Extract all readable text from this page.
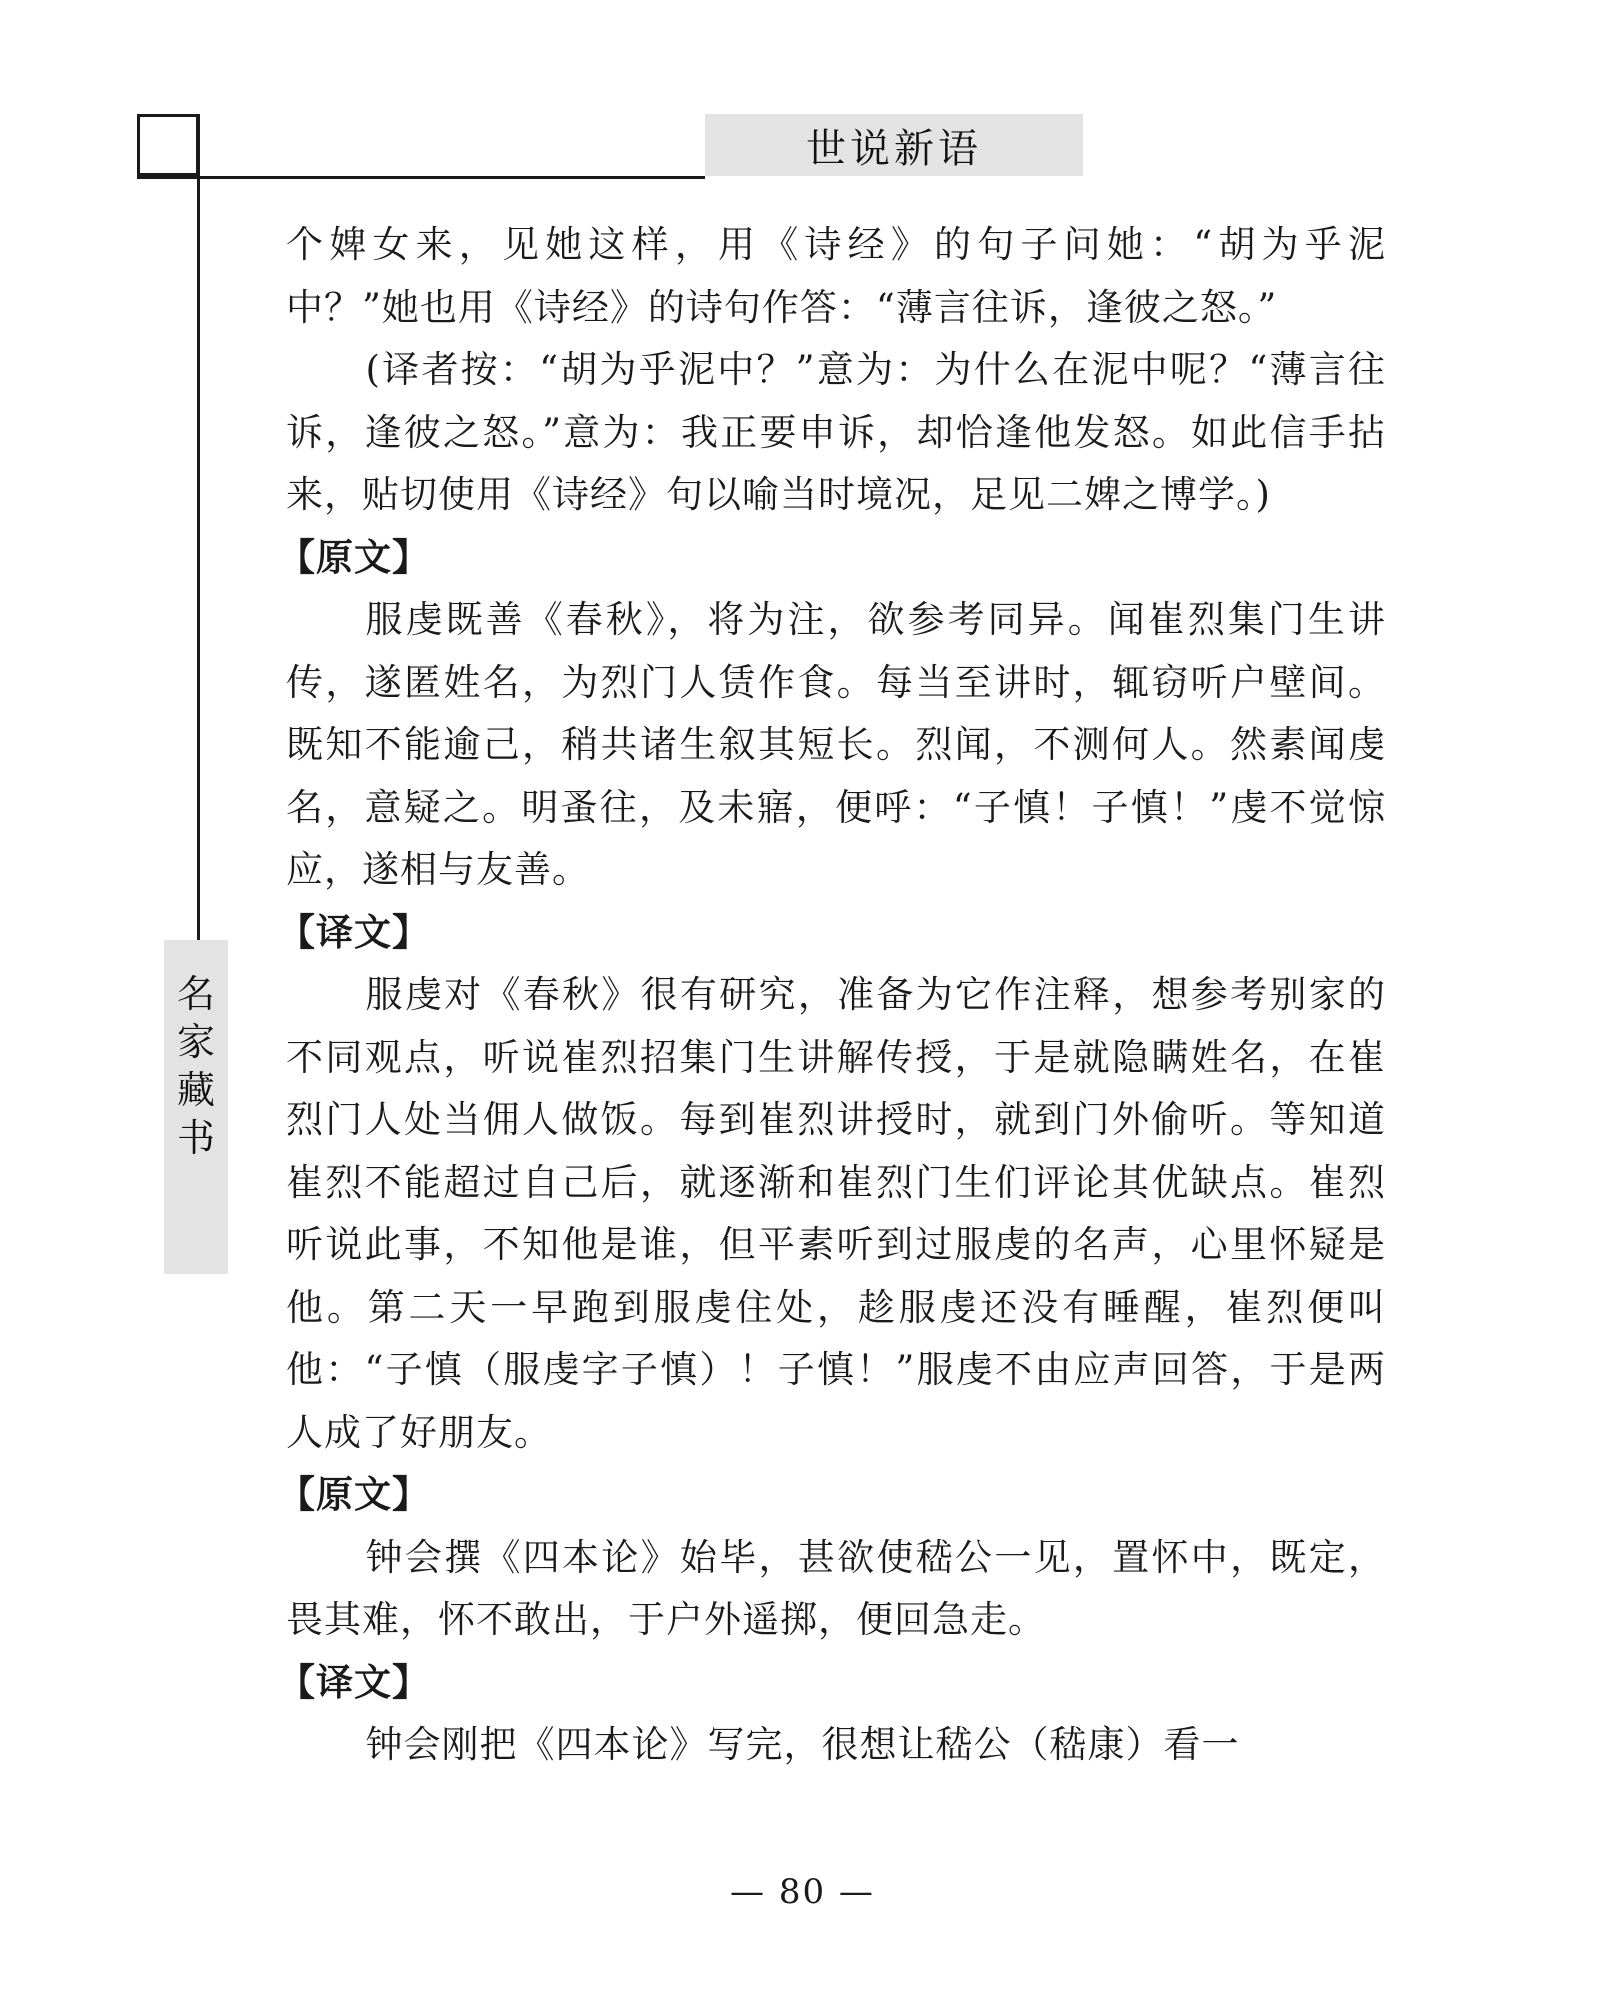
世说新语
名
家
藏
书

个婢女来，见她这样，用《诗经》的句子问她：“胡为乎泥中？”她也用《诗经》的诗句作答：“薄言往诉，逢彼之怒。”

(译者按：“胡为乎泥中？”意为：为什么在泥中呢？“薄言往诉，逢彼之怒。”意为：我正要申诉，却恰逢他发怒。如此信手拈来，贴切使用《诗经》句以喻当时境况，足见二婢之博学。)

【原文】

服虔既善《春秋》，将为注，欲参考同异。闻崔烈集门生讲传，遂匿姓名，为烈门人赁作食。每当至讲时，辄窃听户壁间。既知不能逾己，稍共诸生叙其短长。烈闻，不测何人。然素闻虔名，意疑之。明蚤往，及未寤，便呼：“子慎！子慎！”虔不觉惊应，遂相与友善。

【译文】

服虔对《春秋》很有研究，准备为它作注释，想参考别家的不同观点，听说崔烈招集门生讲解传授，于是就隐瞒姓名，在崔烈门人处当佣人做饭。每到崔烈讲授时，就到门外偷听。等知道崔烈不能超过自己后，就逐渐和崔烈门生们评论其优缺点。崔烈听说此事，不知他是谁，但平素听到过服虔的名声，心里怀疑是他。第二天一早跑到服虔住处，趁服虔还没有睡醒，崔烈便叫他：“子慎（服虔字子慎）！子慎！”服虔不由应声回答，于是两人成了好朋友。

【原文】

钟会撰《四本论》始毕，甚欲使嵇公一见，置怀中，既定，畏其难，怀不敢出，于户外遥掷，便回急走。

【译文】

钟会刚把《四本论》写完，很想让嵇公（嵇康）看一

— 80 —
